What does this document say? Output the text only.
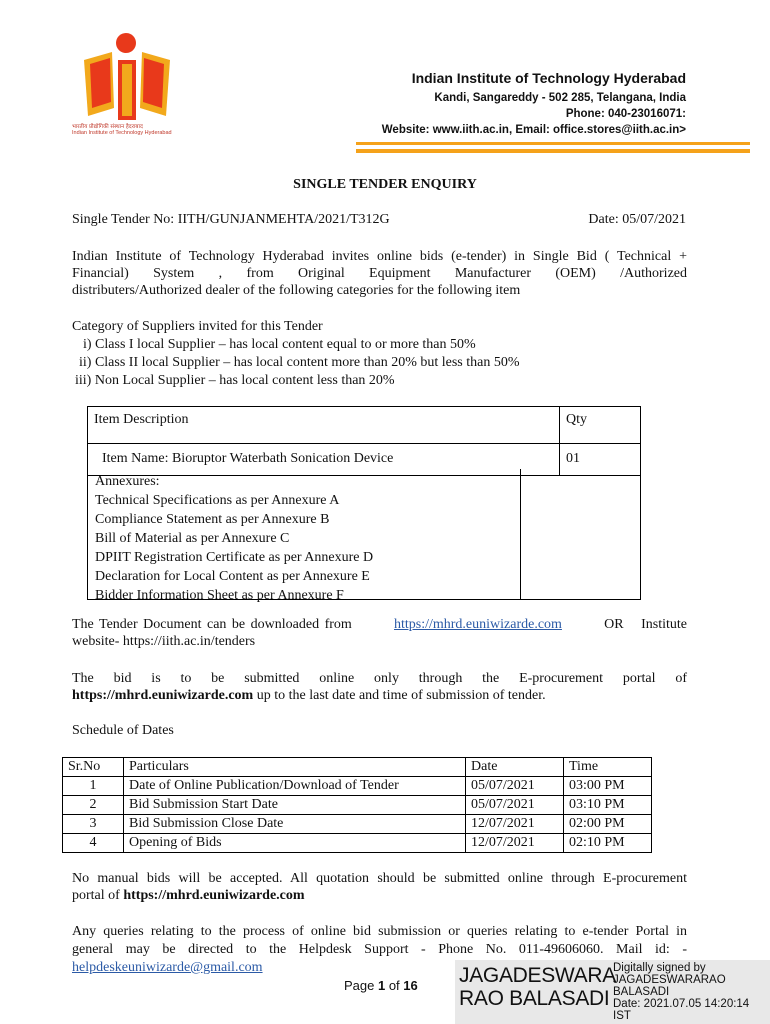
भारतीय प्रौद्योगिकी संस्थान हैदराबाद
Indian Institute of Technology Hyderabad
Indian Institute of Technology Hyderabad
Kandi, Sangareddy - 502 285, Telangana, India
Phone: 040-23016071:
Website: www.iith.ac.in, Email: office.stores@iith.ac.in>
SINGLE TENDER ENQUIRY
Single Tender No: IITH/GUNJANMEHTA/2021/T312G	Date: 05/07/2021
Indian Institute of Technology Hyderabad invites online bids (e-tender) in Single Bid ( Technical +
Financial) System , from Original Equipment Manufacturer (OEM) /Authorized
distributers/Authorized dealer of the following categories for the following item
Category of Suppliers invited for this Tender
i) Class I local Supplier – has local content equal to or more than 50%
ii) Class II local Supplier – has local content more than 20% but less than 50%
iii) Non Local Supplier – has local content less than 20%
Item Description	Qty
Item Name: Bioruptor Waterbath Sonication Device	01
Annexures:
Technical Specifications as per Annexure A
Compliance Statement as per Annexure B
Bill of Material as per Annexure C
DPIIT Registration Certificate as per Annexure D
Declaration for Local Content as per Annexure E
Bidder Information Sheet as per Annexure F
The Tender Document can be downloaded from	https://mhrd.euniwizarde.com	OR Institute
website- https://iith.ac.in/tenders
The bid is to be submitted online only through the E-procurement portal of
https://mhrd.euniwizarde.com up to the last date and time of submission of tender.
Schedule of Dates
Sr.No	Particulars	Date	Time
1	Date of Online Publication/Download of Tender	05/07/2021	03:00 PM
2	Bid Submission Start Date	05/07/2021	03:10 PM
3	Bid Submission Close Date	12/07/2021	02:00 PM
4	Opening of Bids	12/07/2021	02:10 PM
No manual bids will be accepted. All quotation should be submitted online through E-procurement
portal of https://mhrd.euniwizarde.com
Any queries relating to the process of online bid submission or queries relating to e-tender Portal in
general may be directed to the Helpdesk Support - Phone No. 011-49606060. Mail id: -
helpdeskeuniwizarde@gmail.com
Page 1 of 16 JAGADESWARA
RAO BALASADI
Digitally signed by
JAGADESWARARAO
BALASADI
Date: 2021.07.05 14:20:14
IST
